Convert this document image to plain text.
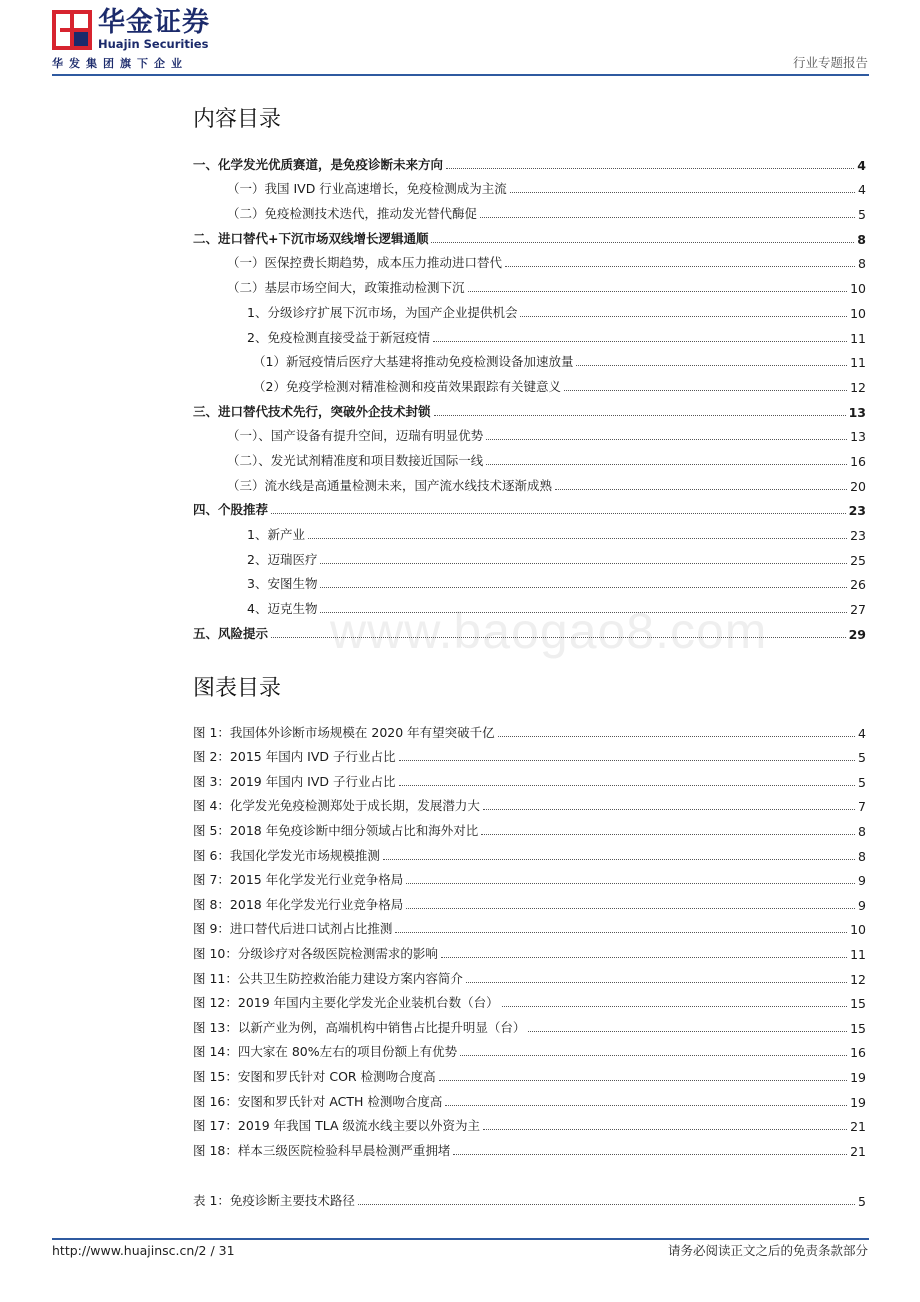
华金证券
Huajin Securities
华发集团旗下企业	行业专题报告
www.baogao8.com
内容目录
一、化学发光优质赛道，是免疫诊断未来方向	4
（一）我国 IVD 行业高速增长，免疫检测成为主流	4
（二）免疫检测技术迭代，推动发光替代酶促	5
二、进口替代+下沉市场双线增长逻辑通顺	8
（一）医保控费长期趋势，成本压力推动进口替代	8
（二）基层市场空间大，政策推动检测下沉	10
1、分级诊疗扩展下沉市场，为国产企业提供机会	10
2、免疫检测直接受益于新冠疫情	11
（1）新冠疫情后医疗大基建将推动免疫检测设备加速放量	11
（2）免疫学检测对精准检测和疫苗效果跟踪有关键意义	12
三、进口替代技术先行，突破外企技术封锁	13
（一）、国产设备有提升空间，迈瑞有明显优势	13
（二）、发光试剂精准度和项目数接近国际一线	16
（三）流水线是高通量检测未来，国产流水线技术逐渐成熟	20
四、个股推荐	23
1、新产业	23
2、迈瑞医疗	25
3、安图生物	26
4、迈克生物	27
五、风险提示	29
图表目录
图 1：我国体外诊断市场规模在 2020 年有望突破千亿	4
图 2：2015 年国内 IVD 子行业占比	5
图 3：2019 年国内 IVD 子行业占比	5
图 4：化学发光免疫检测郑处于成长期，发展潜力大	7
图 5：2018 年免疫诊断中细分领域占比和海外对比	8
图 6：我国化学发光市场规模推测	8
图 7：2015 年化学发光行业竞争格局	9
图 8：2018 年化学发光行业竞争格局	9
图 9：进口替代后进口试剂占比推测	10
图 10：分级诊疗对各级医院检测需求的影响	11
图 11：公共卫生防控救治能力建设方案内容简介	12
图 12：2019 年国内主要化学发光企业装机台数（台）	15
图 13：以新产业为例，高端机构中销售占比提升明显（台）	15
图 14：四大家在 80%左右的项目份额上有优势	16
图 15：安图和罗氏针对 COR 检测吻合度高	19
图 16：安图和罗氏针对 ACTH 检测吻合度高	19
图 17：2019 年我国 TLA 级流水线主要以外资为主	21
图 18：样本三级医院检验科早晨检测严重拥堵	21
表 1：免疫诊断主要技术路径	5
http://www.huajinsc.cn/2 / 31	请务必阅读正文之后的免责条款部分
